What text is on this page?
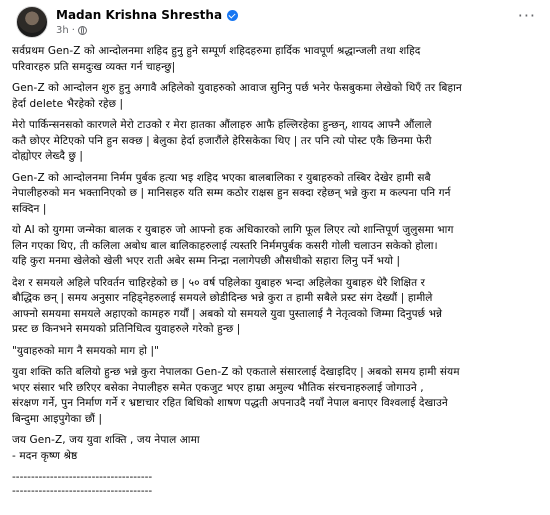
Madan Krishna Shrestha
3h ·
···

सर्वप्रथम Gen-Z को आन्दोलनमा शहिद हुनु हुने सम्पूर्ण शहिदहरुमा हार्दिक भावपूर्ण श्रद्धान्जली तथा शहिद
परिवारहरु प्रति समदुःख व्यक्त गर्न चाहन्छु|

Gen-Z को आन्दोलन शुरु हुनु अगावै अहिलेको युवाहरुको आवाज सुनिनु पर्छ भनेर फेसबुकमा लेखेको थिएँ तर बिहान
हेर्दा delete भैरहेको रहेछ |

मेरो पार्किन्सनसको कारणले मेरो टाउको र मेरा हातका औंलाहरु आफै हल्लिरहेका हुन्छन्, शायद आफ्नै औंलाले
कतै छोएर मेटिएको पनि हुन सक्छ | बेलुका हेर्दा हजारौंले हेरिसकेका थिए | तर पनि त्यो पोस्ट एकै छिनमा फेरी
दोह्याेएर लेख्दै छु |

Gen-Z को आन्दोलनमा निर्मम पुर्बक हत्या भइ शहिद भएका बालबालिका र युबाहरुको तस्बिर देखेर हामी सबै
नेपालीहरुको मन भक्तानिएको छ | मानिसहरु यति सम्म कठोर राक्षस हुन सक्दा रहेछन् भन्ने कुरा म कल्पना पनि गर्न
सक्दिन |

यो AI को युगमा जन्मेका बालक र युबाहरु जो आफ्नो हक अधिकारको लागि फूल लिएर त्यो शान्तिपूर्ण जुलुसमा भाग
लिन गएका थिए, ती कलिला अबोध बाल बालिकाहरुलाई त्यस्तरि निर्ममपुर्बक कसरी गोली चलाउन सकेको होला।
यहि कुरा मनमा खेलेको खेली भएर राती अबेर सम्म निन्द्रा नलागेपछी औसधीको सहारा लिनु पर्ने भयो |

देश र समयले अहिले परिवर्तन चाहिरहेको छ | ५० वर्ष पहिलेका युबाहरु भन्दा अहिलेका युबाहरु धेरै शिक्षित र
बौद्धिक छन् | समय अनुसार नहिड्नेहरुलाई समयले छोडीदिन्छ भन्ने कुरा त हामी सबैले प्रस्ट संग देख्यौं | हामीले
आफ्नो समयमा समयले अहाएको काम‌हरु गर्यौं | अबको यो समयले युवा पुस्तालाई नै नेतृत्वको जिम्मा दिनुपर्छ भन्ने
प्रस्ट छ किनभने समयको प्रतिनिधित्व युवाहरुले गरेको हुन्छ |

"युवाहरुको माग नै समयको माग हो |"

युवा शक्ति कति बलियो हुन्छ भन्ने कुरा नेपालका Gen-Z को एकताले संसारलाई देखाइदिए | अबको समय हामी संयम
भएर संसार भरि छरिएर बसेका नेपालीहरु समेत एकजुट भएर हाम्रा अमुल्य भौतिक संरचनाहरुलाई जोगाउने ,
संरक्षण गर्ने, पुन निर्माण गर्ने र भ्रष्टाचार रहित बिधिको शाषण पद्धती अपनाउदै नयाँ नेपाल बनाएर विश्वलाई देखाउने
बिन्दुमा आइपुगेका छौं |

जय Gen-Z, जय युवा शक्ति , जय नेपाल आमा
- मदन कृष्ण श्रेष्ठ

-------------------------------------
-------------------------------------
